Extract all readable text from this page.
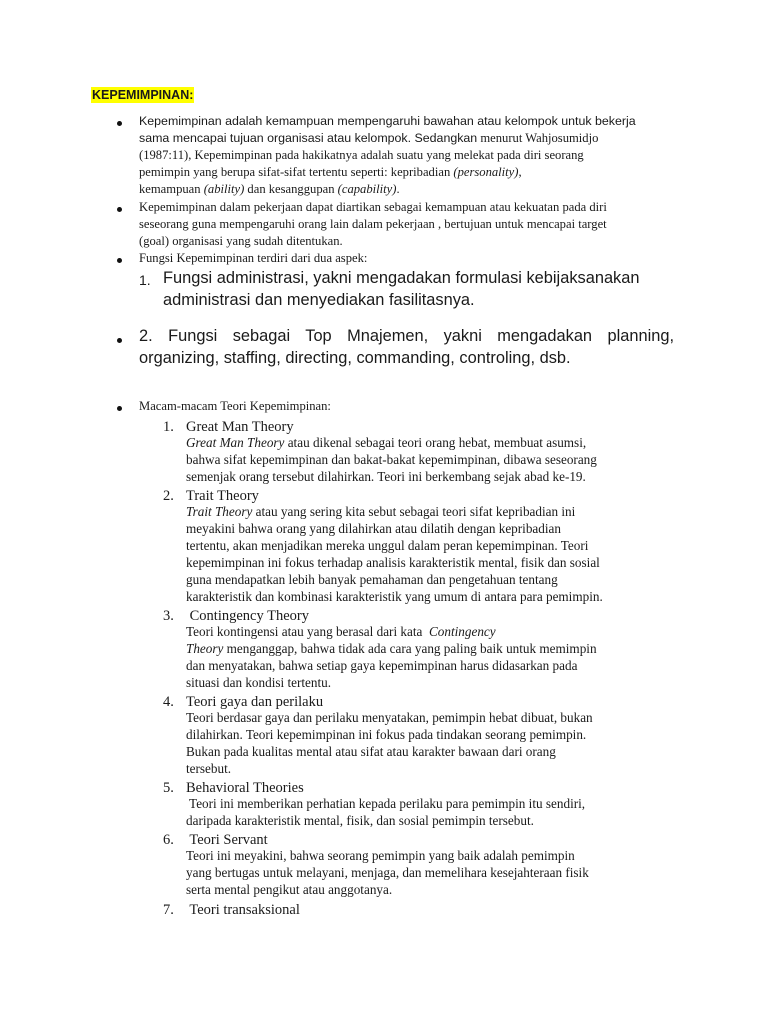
KEPEMIMPINAN:
Kepemimpinan adalah kemampuan mempengaruhi bawahan atau kelompok untuk bekerja
sama mencapai tujuan organisasi atau kelompok. Sedangkan menurut Wahjosumidjo
(1987:11), Kepemimpinan pada hakikatnya adalah suatu yang melekat pada diri seorang
pemimpin yang berupa sifat-sifat tertentu seperti: kepribadian (personality),
kemampuan (ability) dan kesanggupan (capability).
Kepemimpinan dalam pekerjaan dapat diartikan sebagai kemampuan atau kekuatan pada diri
seseorang guna mempengaruhi orang lain dalam pekerjaan , bertujuan untuk mencapai target
(goal) organisasi yang sudah ditentukan.
Fungsi Kepemimpinan terdiri dari dua aspek:
1. Fungsi administrasi, yakni mengadakan formulasi kebijaksanakan
administrasi dan menyediakan fasilitasnya.
2. Fungsi sebagai Top Mnajemen, yakni mengadakan planning,
organizing, staffing, directing, commanding, controling, dsb.
Macam-macam Teori Kepemimpinan:
1. Great Man Theory
Great Man Theory atau dikenal sebagai teori orang hebat, membuat asumsi,
bahwa sifat kepemimpinan dan bakat-bakat kepemimpinan, dibawa seseorang
semenjak orang tersebut dilahirkan. Teori ini berkembang sejak abad ke-19.
2. Trait Theory
Trait Theory atau yang sering kita sebut sebagai teori sifat kepribadian ini
meyakini bahwa orang yang dilahirkan atau dilatih dengan kepribadian
tertentu, akan menjadikan mereka unggul dalam peran kepemimpinan. Teori
kepemimpinan ini fokus terhadap analisis karakteristik mental, fisik dan sosial
guna mendapatkan lebih banyak pemahaman dan pengetahuan tentang
karakteristik dan kombinasi karakteristik yang umum di antara para pemimpin.
3. Contingency Theory
Teori kontingensi atau yang berasal dari kata  Contingency
Theory menganggap, bahwa tidak ada cara yang paling baik untuk memimpin
dan menyatakan, bahwa setiap gaya kepemimpinan harus didasarkan pada
situasi dan kondisi tertentu.
4. Teori gaya dan perilaku
Teori berdasar gaya dan perilaku menyatakan, pemimpin hebat dibuat, bukan
dilahirkan. Teori kepemimpinan ini fokus pada tindakan seorang pemimpin.
Bukan pada kualitas mental atau sifat atau karakter bawaan dari orang
tersebut.
5. Behavioral Theories
Teori ini memberikan perhatian kepada perilaku para pemimpin itu sendiri,
daripada karakteristik mental, fisik, dan sosial pemimpin tersebut.
6. Teori Servant
Teori ini meyakini, bahwa seorang pemimpin yang baik adalah pemimpin
yang bertugas untuk melayani, menjaga, dan memelihara kesejahteraan fisik
serta mental pengikut atau anggotanya.
7. Teori transaksional
